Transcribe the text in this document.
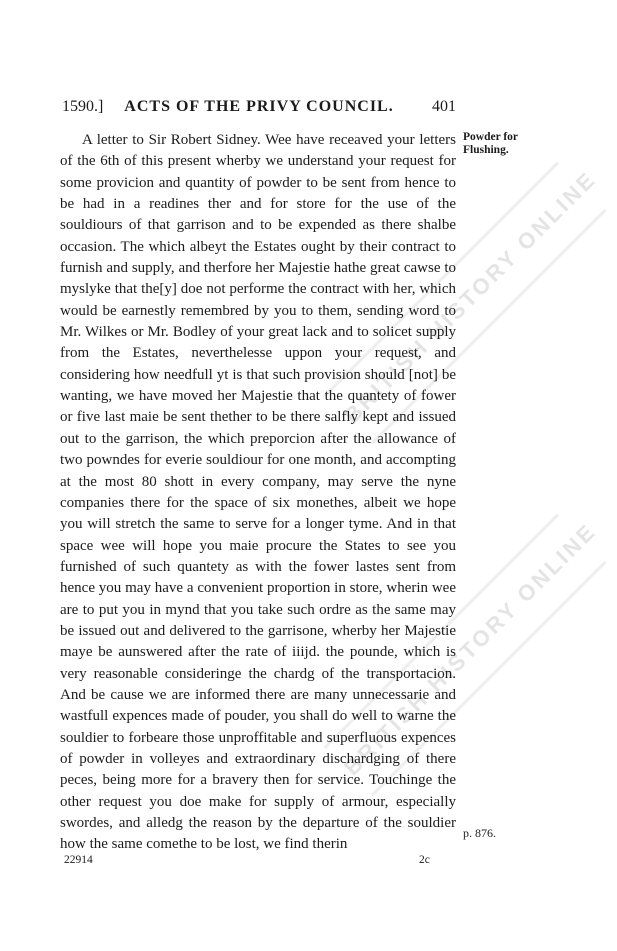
BRITISH HISTORY ONLINE
BRITISH HISTORY ONLINE
1590.]	ACTS OF THE PRIVY COUNCIL.	401

A letter to Sir Robert Sidney. Wee have receaved your letters of the 6th of this present wherby we understand your request for some provicion and quantity of powder to be sent from hence to be had in a readines ther and for store for the use of the souldiours of that garrison and to be expended as there shalbe occasion. The which albeyt the Estates ought by their contract to furnish and supply, and therfore her Majestie hathe great cawse to myslyke that the[y] doe not performe the contract with her, which would be earnestly remembred by you to them, sending word to Mr. Wilkes or Mr. Bodley of your great lack and to solicet supply from the Estates, neverthelesse uppon your request, and considering how needfull yt is that such provision should [not] be wanting, we have moved her Majestie that the quantety of fower or five last maie be sent thether to be there salfly kept and issued out to the garrison, the which preporcion after the allowance of two powndes for everie souldiour for one month, and accompting at the most 80 shott in every company, may serve the nyne companies there for the space of six monethes, albeit we hope you will stretch the same to serve for a longer tyme. And in that space wee will hope you maie procure the States to see you furnished of such quantety as with the fower lastes sent from hence you may have a convenient proportion in store, wherin wee are to put you in mynd that you take such ordre as the same may be issued out and delivered to the garrisone, wherby her Majestie maye be aunswered after the rate of iiijd. the pounde, which is very reasonable consideringe the chardg of the transportacion. And be cause we are informed there are many unnecessarie and wastfull expences made of pouder, you shall do well to warne the souldier to forbeare those unproffitable and superfluous expences of powder in volleyes and extraordinary dischardging of there peces, being more for a bravery then for service. Touchinge the other request you doe make for supply of armour, especially swordes, and alledg the reason by the departure of the souldier how the same comethe to be lost, we find therin

Powder for Flushing.
p. 876.
22914	2c
